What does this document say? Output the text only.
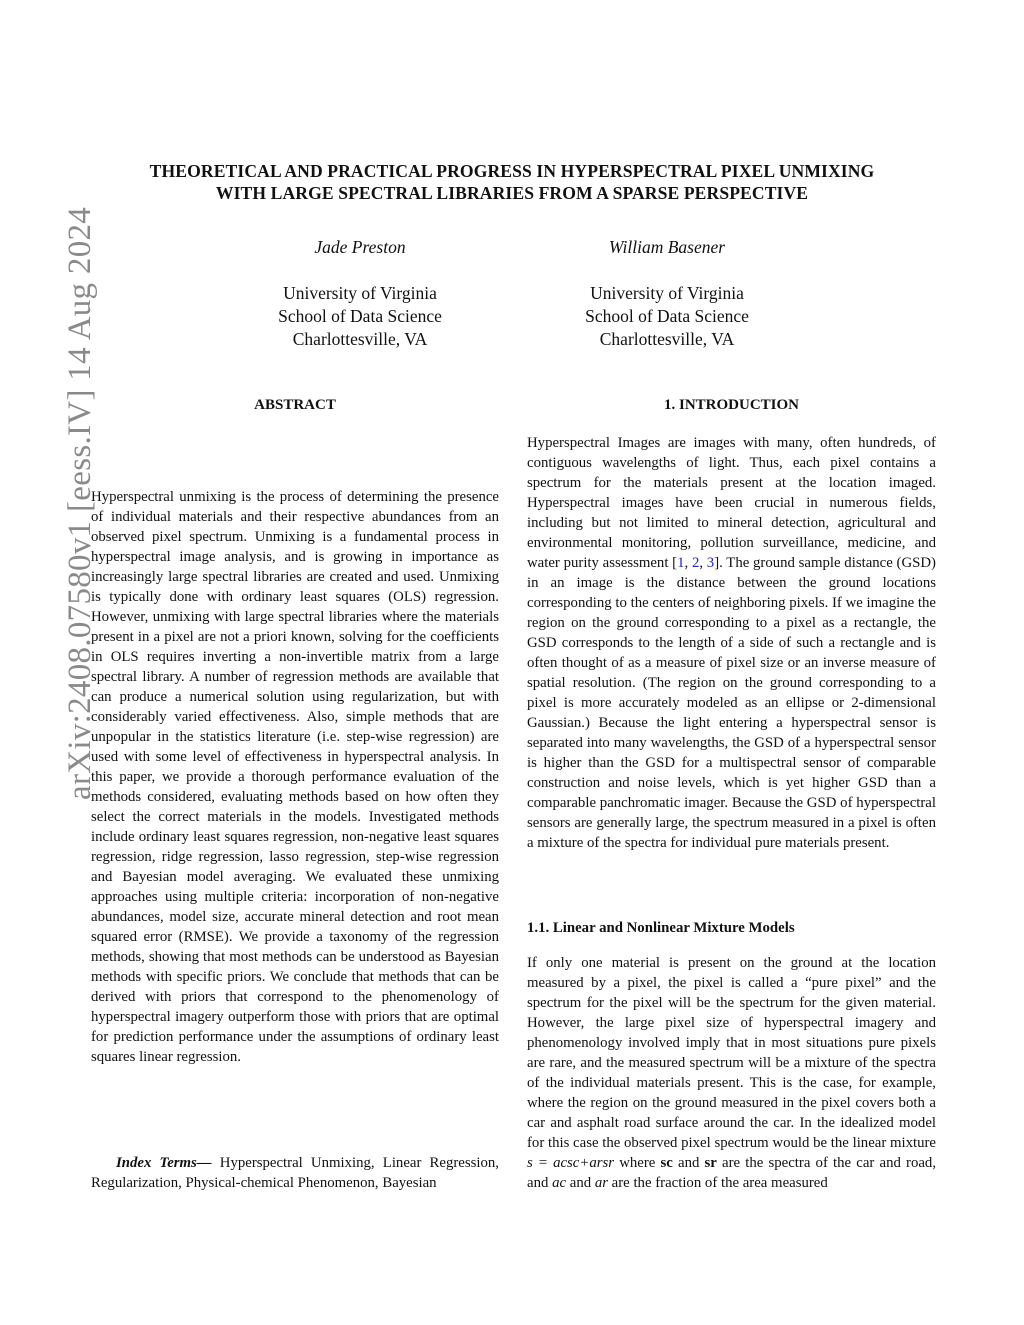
arXiv:2408.07580v1 [eess.IV] 14 Aug 2024
THEORETICAL AND PRACTICAL PROGRESS IN HYPERSPECTRAL PIXEL UNMIXING
WITH LARGE SPECTRAL LIBRARIES FROM A SPARSE PERSPECTIVE
Jade Preston
University of Virginia
School of Data Science
Charlottesville, VA
William Basener
University of Virginia
School of Data Science
Charlottesville, VA
ABSTRACT

Hyperspectral unmixing is the process of determining the presence of individual materials and their respective abundances from an observed pixel spectrum. Unmixing is a fundamental process in hyperspectral image analysis, and is growing in importance as increasingly large spectral libraries are created and used. Unmixing is typically done with ordinary least squares (OLS) regression. However, unmixing with large spectral libraries where the materials present in a pixel are not a priori known, solving for the coefficients in OLS requires inverting a non-invertible matrix from a large spectral library. A number of regression methods are available that can produce a numerical solution using regularization, but with considerably varied effectiveness. Also, simple methods that are unpopular in the statistics literature (i.e. step-wise regression) are used with some level of effectiveness in hyperspectral analysis. In this paper, we provide a thorough performance evaluation of the methods considered, evaluating methods based on how often they select the correct materials in the models. Investigated methods include ordinary least squares regression, non-negative least squares regression, ridge regression, lasso regression, step-wise regression and Bayesian model averaging. We evaluated these unmixing approaches using multiple criteria: incorporation of non-negative abundances, model size, accurate mineral detection and root mean squared error (RMSE). We provide a taxonomy of the regression methods, showing that most methods can be understood as Bayesian methods with specific priors. We conclude that methods that can be derived with priors that correspond to the phenomenology of hyperspectral imagery outperform those with priors that are optimal for prediction performance under the assumptions of ordinary least squares linear regression.

Index Terms— Hyperspectral Unmixing, Linear Regression, Regularization, Physical-chemical Phenomenon, Bayesian

1. INTRODUCTION

Hyperspectral Images are images with many, often hundreds, of contiguous wavelengths of light. Thus, each pixel contains a spectrum for the materials present at the location imaged. Hyperspectral images have been crucial in numerous fields, including but not limited to mineral detection, agricultural and environmental monitoring, pollution surveillance, medicine, and water purity assessment [1, 2, 3]. The ground sample distance (GSD) in an image is the distance between the ground locations corresponding to the centers of neighboring pixels. If we imagine the region on the ground corresponding to a pixel as a rectangle, the GSD corresponds to the length of a side of such a rectangle and is often thought of as a measure of pixel size or an inverse measure of spatial resolution. (The region on the ground corresponding to a pixel is more accurately modeled as an ellipse or 2-dimensional Gaussian.) Because the light entering a hyperspectral sensor is separated into many wavelengths, the GSD of a hyperspectral sensor is higher than the GSD for a multispectral sensor of comparable construction and noise levels, which is yet higher GSD than a comparable panchromatic imager. Because the GSD of hyperspectral sensors are generally large, the spectrum measured in a pixel is often a mixture of the spectra for individual pure materials present.

1.1. Linear and Nonlinear Mixture Models

If only one material is present on the ground at the location measured by a pixel, the pixel is called a “pure pixel” and the spectrum for the pixel will be the spectrum for the given material. However, the large pixel size of hyperspectral imagery and phenomenology involved imply that in most situations pure pixels are rare, and the measured spectrum will be a mixture of the spectra of the individual materials present. This is the case, for example, where the region on the ground measured in the pixel covers both a car and asphalt road surface around the car. In the idealized model for this case the observed pixel spectrum would be the linear mixture s = acsc+arsr where sc and sr are the spectra of the car and road, and ac and ar are the fraction of the area measured
